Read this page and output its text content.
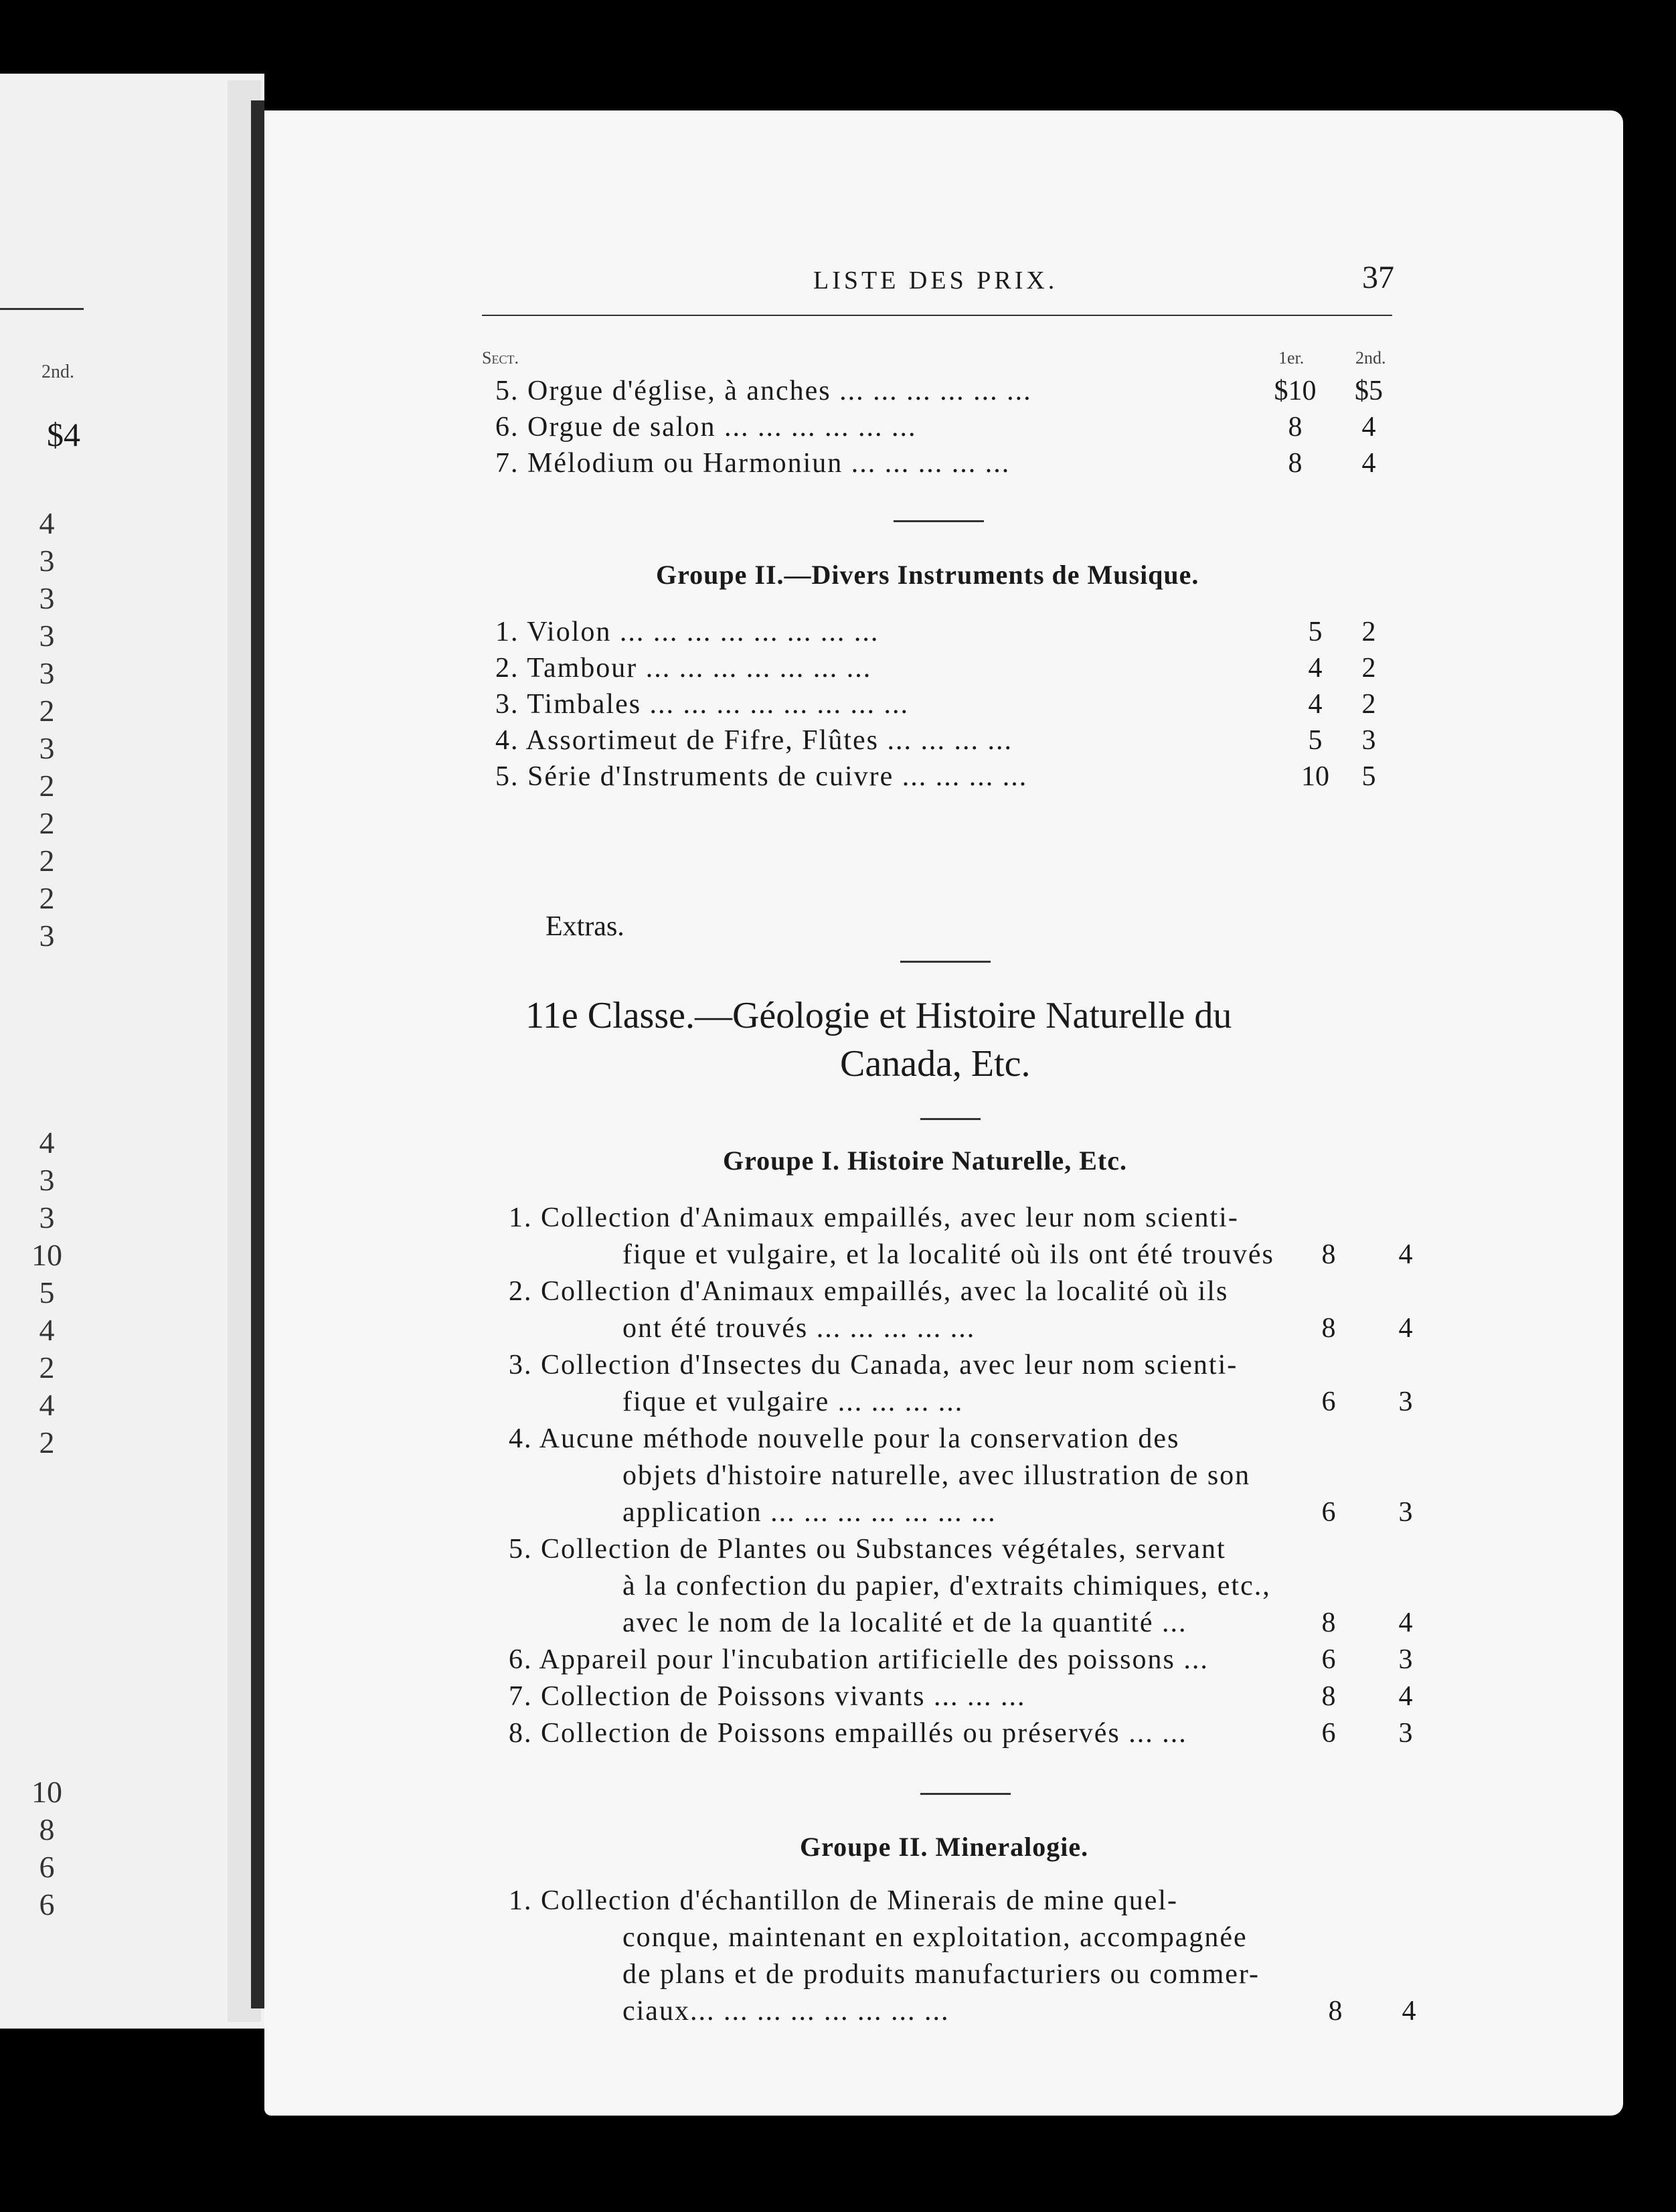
2nd.
$4
4
3
3
3
3
2
3
2
2
2
2
3
4
3
3
10
5
4
2
4
2
10
8
6
6
LISTE DES PRIX.	37
Sect.	1er.	2nd.
5. Orgue d'église, à anches ... ... ... ... ... ...	$10	$5
6. Orgue de salon ... ... ... ... ... ...	8	4
7. Mélodium ou Harmoniun ... ... ... ... ...	8	4
Groupe II.—Divers Instruments de Musique.
1. Violon ... ... ... ... ... ... ... ...	5	2
2. Tambour ... ... ... ... ... ... ...	4	2
3. Timbales ... ... ... ... ... ... ... ...	4	2
4. Assortimeut de Fifre, Flûtes ... ... ... ...	5	3
5. Série d'Instruments de cuivre ... ... ... ...	10	5
Extras.
11e Classe.—Géologie et Histoire Naturelle du
Canada, Etc.
Groupe I. Histoire Naturelle, Etc.
1. Collection d'Animaux empaillés, avec leur nom scienti-
fique et vulgaire, et la localité où ils ont été trouvés	8	4
2. Collection d'Animaux empaillés, avec la localité où ils
ont été trouvés ... ... ... ... ...	8	4
3. Collection d'Insectes du Canada, avec leur nom scienti-
fique et vulgaire ... ... ... ...	6	3
4. Aucune méthode nouvelle pour la conservation des
objets d'histoire naturelle, avec illustration de son
application ... ... ... ... ... ... ...	6	3
5. Collection de Plantes ou Substances végétales, servant
à la confection du papier, d'extraits chimiques, etc.,
avec le nom de la localité et de la quantité ...	8	4
6. Appareil pour l'incubation artificielle des poissons ...	6	3
7. Collection de Poissons vivants ... ... ...	8	4
8. Collection de Poissons empaillés ou préservés ... ...	6	3
Groupe II. Mineralogie.
1. Collection d'échantillon de Minerais de mine quel-
conque, maintenant en exploitation, accompagnée
de plans et de produits manufacturiers ou commer-
ciaux... ... ... ... ... ... ... ...	8	4
